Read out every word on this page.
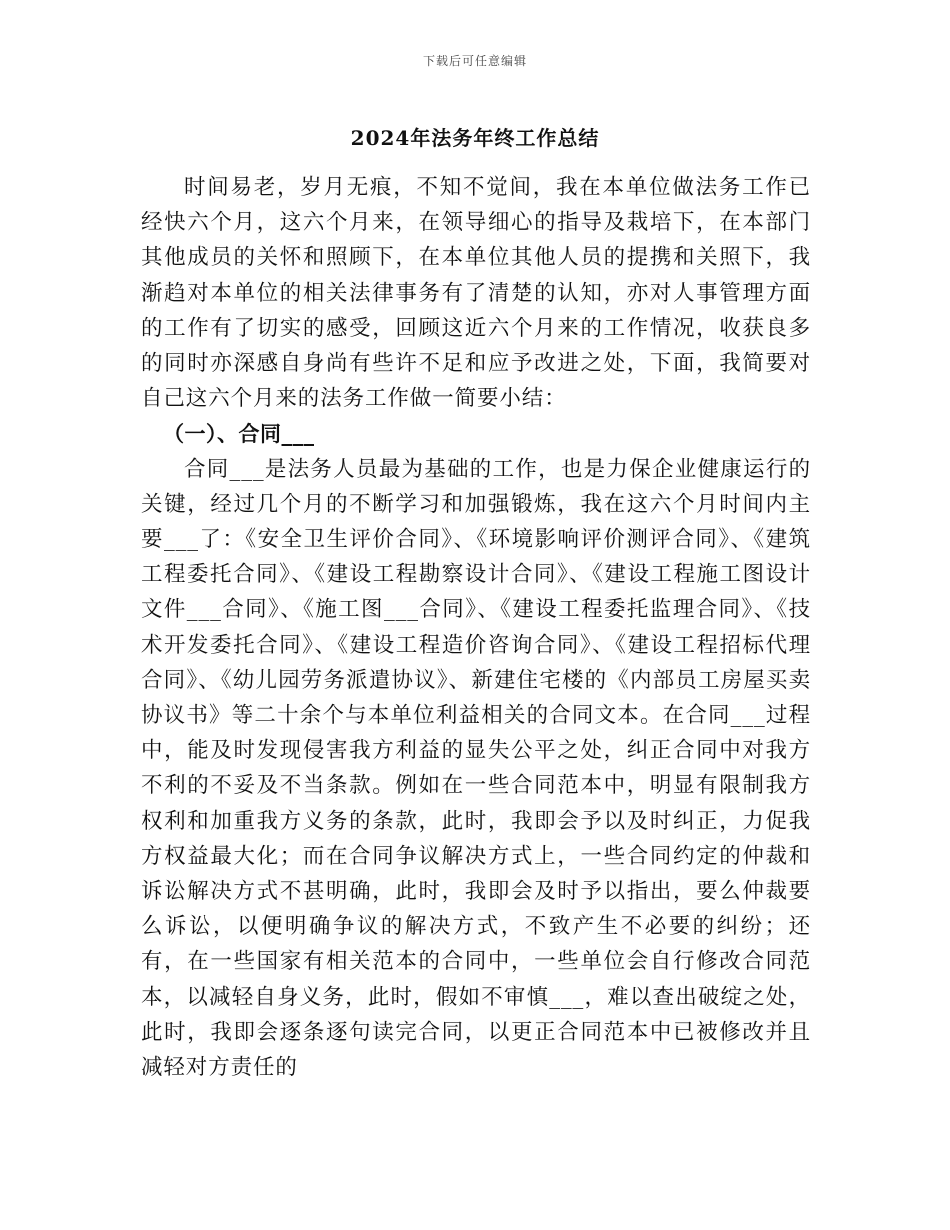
下载后可任意编辑
2024年法务年终工作总结

时间易老，岁月无痕，不知不觉间，我在本单位做法务工作已经快六个月，这六个月来，在领导细心的指导及栽培下，在本部门其他成员的关怀和照顾下，在本单位其他人员的提携和关照下，我渐趋对本单位的相关法律事务有了清楚的认知，亦对人事管理方面的工作有了切实的感受，回顾这近六个月来的工作情况，收获良多的同时亦深感自身尚有些许不足和应予改进之处，下面，我简要对自己这六个月来的法务工作做一简要小结：

（一）、合同___

合同___是法务人员最为基础的工作，也是力保企业健康运行的关键，经过几个月的不断学习和加强锻炼，我在这六个月时间内主要___了：《安全卫生评价合同》、《环境影响评价测评合同》、《建筑工程委托合同》、《建设工程勘察设计合同》、《建设工程施工图设计文件___合同》、《施工图___合同》、《建设工程委托监理合同》、《技术开发委托合同》、《建设工程造价咨询合同》、《建设工程招标代理合同》、《幼儿园劳务派遣协议》、新建住宅楼的《内部员工房屋买卖协议书》等二十余个与本单位利益相关的合同文本。在合同___过程中，能及时发现侵害我方利益的显失公平之处，纠正合同中对我方不利的不妥及不当条款。例如在一些合同范本中，明显有限制我方权利和加重我方义务的条款，此时，我即会予以及时纠正，力促我方权益最大化；而在合同争议解决方式上，一些合同约定的仲裁和诉讼解决方式不甚明确，此时，我即会及时予以指出，要么仲裁要么诉讼，以便明确争议的解决方式，不致产生不必要的纠纷；还有，在一些国家有相关范本的合同中，一些单位会自行修改合同范本，以减轻自身义务，此时，假如不审慎___，难以查出破绽之处，此时，我即会逐条逐句读完合同，以更正合同范本中已被修改并且减轻对方责任的
